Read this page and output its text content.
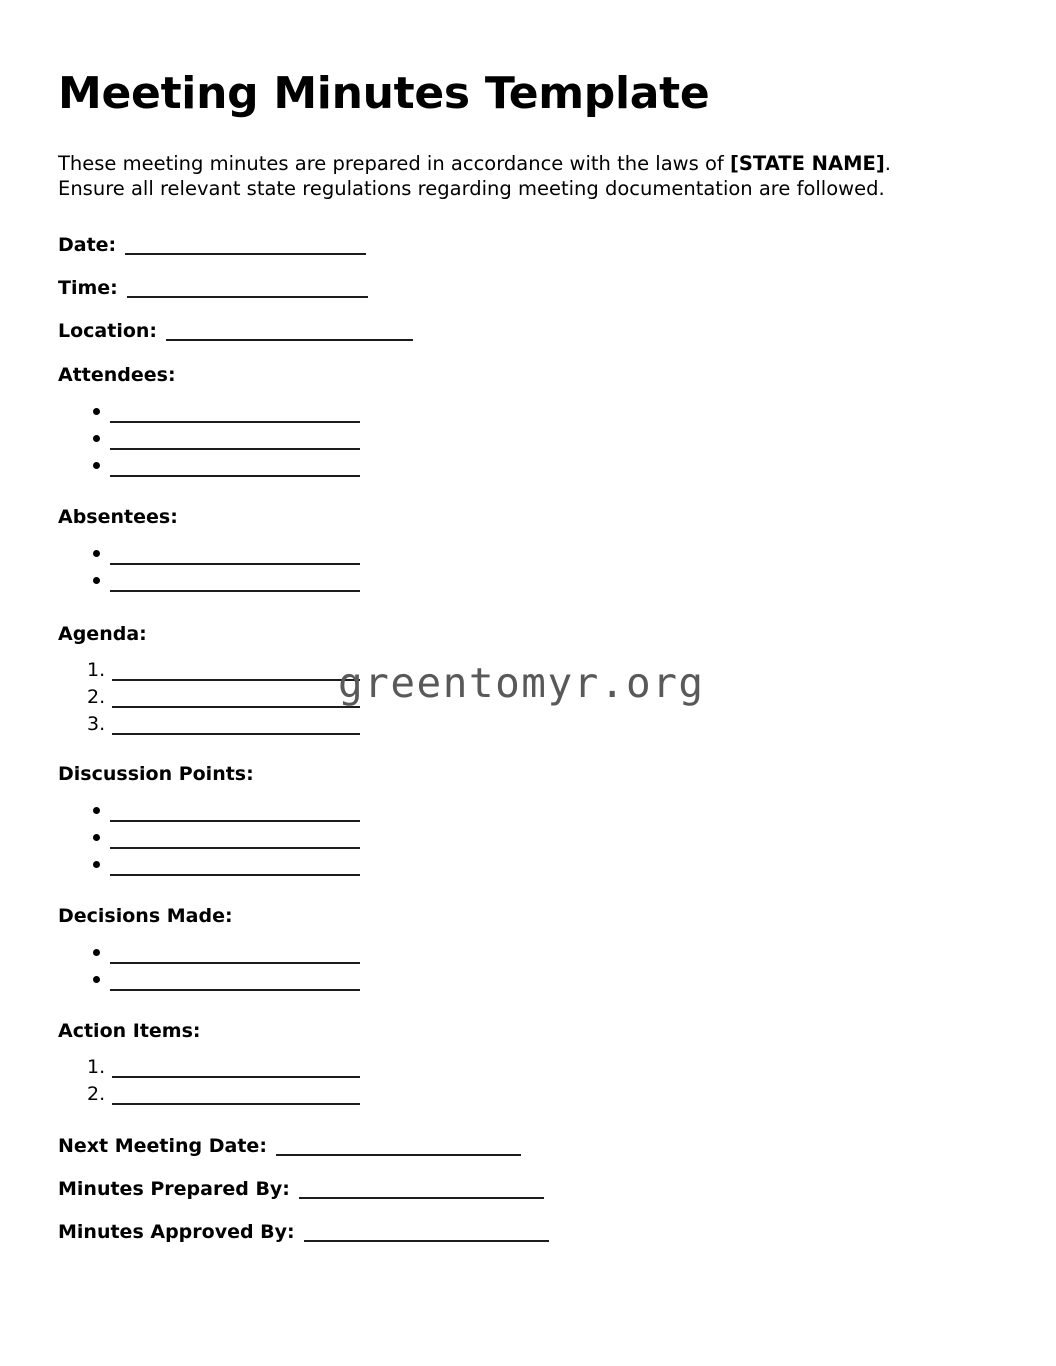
Meeting Minutes Template

These meeting minutes are prepared in accordance with the laws of [STATE NAME]. Ensure all relevant state regulations regarding meeting documentation are followed.

Date:

Time:

Location:

Attendees:
Absentees:
Agenda:
1.
2.
3.
Discussion Points:
Decisions Made:
Action Items:
1.
2.

Next Meeting Date:

Minutes Prepared By:

Minutes Approved By:

greentomyr.org
